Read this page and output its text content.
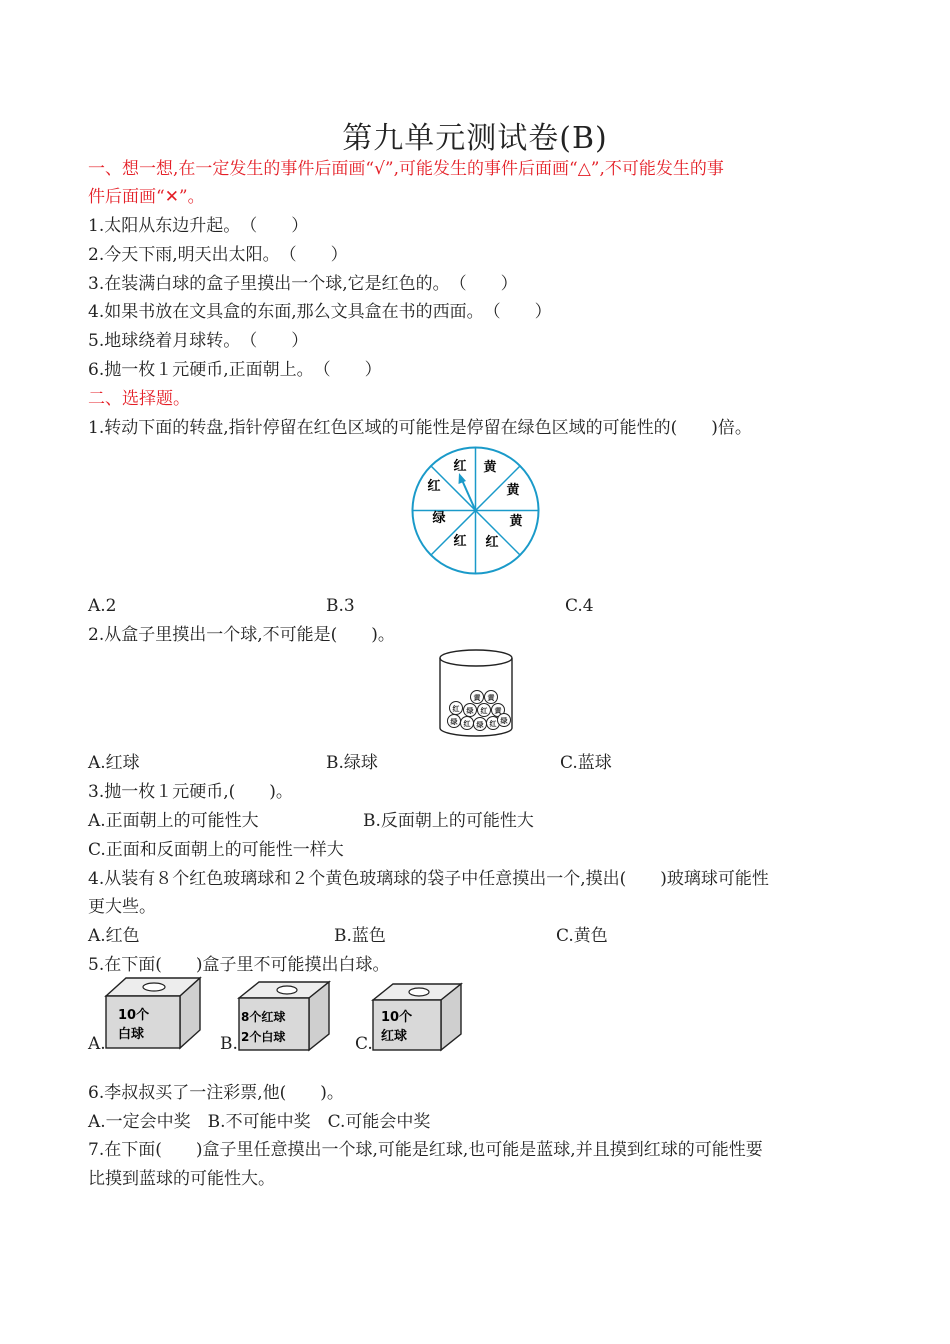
第九单元测试卷(B)
一、想一想,在一定发生的事件后面画“√”,可能发生的事件后面画“△”,不可能发生的事
件后面画“✕”。
1.太阳从东边升起。　（　　）
2.今天下雨,明天出太阳。　（　　）
3.在装满白球的盒子里摸出一个球,它是红色的。　（　　）
4.如果书放在文具盒的东面,那么文具盒在书的西面。　（　　）
5.地球绕着月球转。　（　　）
6.抛一枚１元硬币,正面朝上。　（　　）
二、选择题。
1.转动下面的转盘,指针停留在红色区域的可能性是停留在绿色区域的可能性的(　　)倍。
红 黄
黄
黄
红
红
绿
红
A.2	B.3	C.4
2.从盒子里摸出一个球,不可能是(　　)。
黄 黄
绿 红 黄
红
绿 红 绿 红 绿
A.红球	B.绿球	C.蓝球
3.抛一枚１元硬币,(　　)。
A.正面朝上的可能性大	B.反面朝上的可能性大
C.正面和反面朝上的可能性一样大
4.从装有８个红色玻璃球和２个黄色玻璃球的袋子中任意摸出一个,摸出(　　)玻璃球可能性
更大些。
A.红色	B.蓝色	C.黄色
5.在下面(　　)盒子里不可能摸出白球。
A.
10个
白球	B.
8个红球
2个白球	C.
10个
红球
6.李叔叔买了一注彩票,他(　　)。
A.一定会中奖　B.不可能中奖　C.可能会中奖
7.在下面(　　)盒子里任意摸出一个球,可能是红球,也可能是蓝球,并且摸到红球的可能性要
比摸到蓝球的可能性大。
